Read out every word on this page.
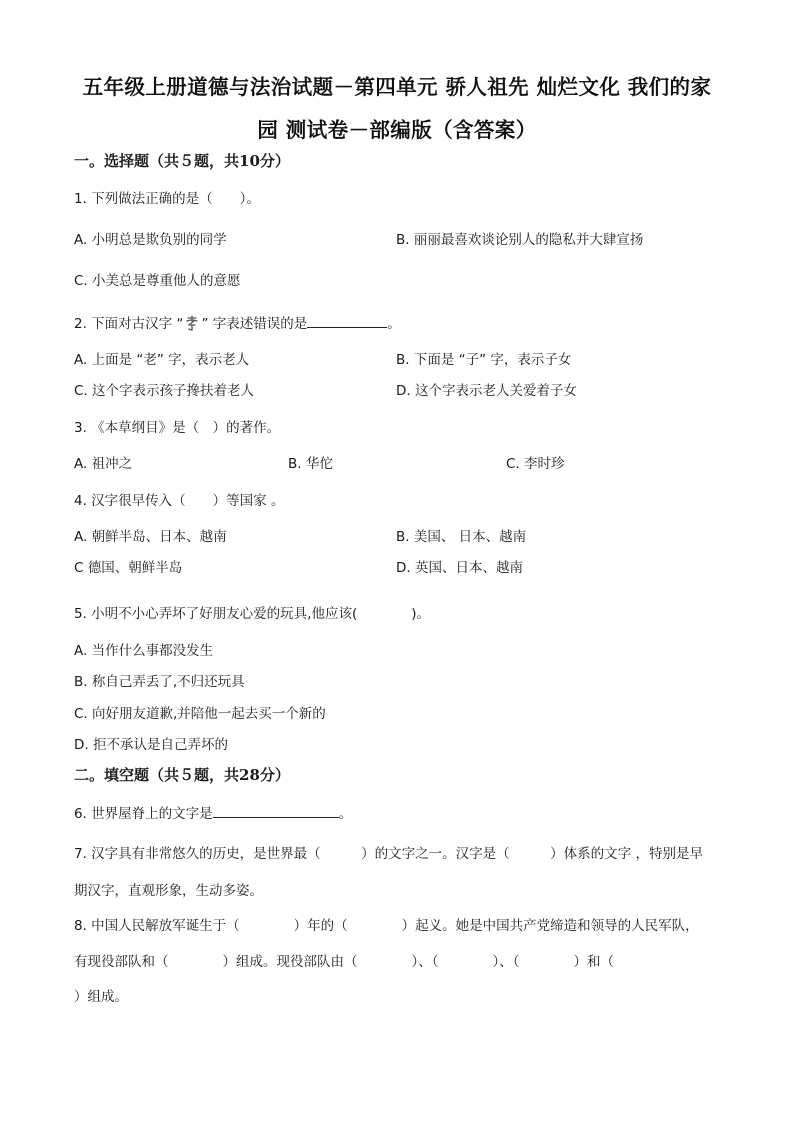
五年级上册道德与法治试题－第四单元 骄人祖先 灿烂文化 我们的家
园 测试卷－部编版（含答案）
一。选择题（共５题，共10分）
1. 下列做法正确的是（　　）。
A. 小明总是欺负别的同学	B. 丽丽最喜欢谈论别人的隐私并大肆宣扬
C. 小美总是尊重他人的意愿
2. 下面对古汉字 “ ” 字表述错误的是	。
A. 上面是 “老” 字，表示老人	B. 下面是 “子” 字，表示子女
C. 这个字表示孩子搀扶着老人	D. 这个字表示老人关爱着子女
3. 《本草纲目》是（　）的著作。
A. 祖冲之	B. 华佗	C. 李时珍
4. 汉字很早传入（　　）等国家 。
A. 朝鲜半岛、日本、越南	B. 美国、 日本、越南
C 德国、朝鲜半岛	D. 英国、日本、越南
5. 小明不小心弄坏了好朋友心爱的玩具,他应该(　　　　)。
A. 当作什么事都没发生
B. 称自己弄丢了,不归还玩具
C. 向好朋友道歉,并陪他一起去买一个新的
D. 拒不承认是自己弄坏的
二。填空题（共５题，共28分）
6. 世界屋脊上的文字是	。
7. 汉字具有非常悠久的历史，是世界最（　　　）的文字之一。汉字是（　　　）体系的文字 ，特别是早
期汉字，直观形象，生动多姿。
8. 中国人民解放军诞生于（　　　　）年的（　　　　）起义。她是中国共产党缔造和领导的人民军队，
有现役部队和（　　　　）组成。现役部队由（　　　　）、（　　　　）、（　　　　）和（
）组成。
